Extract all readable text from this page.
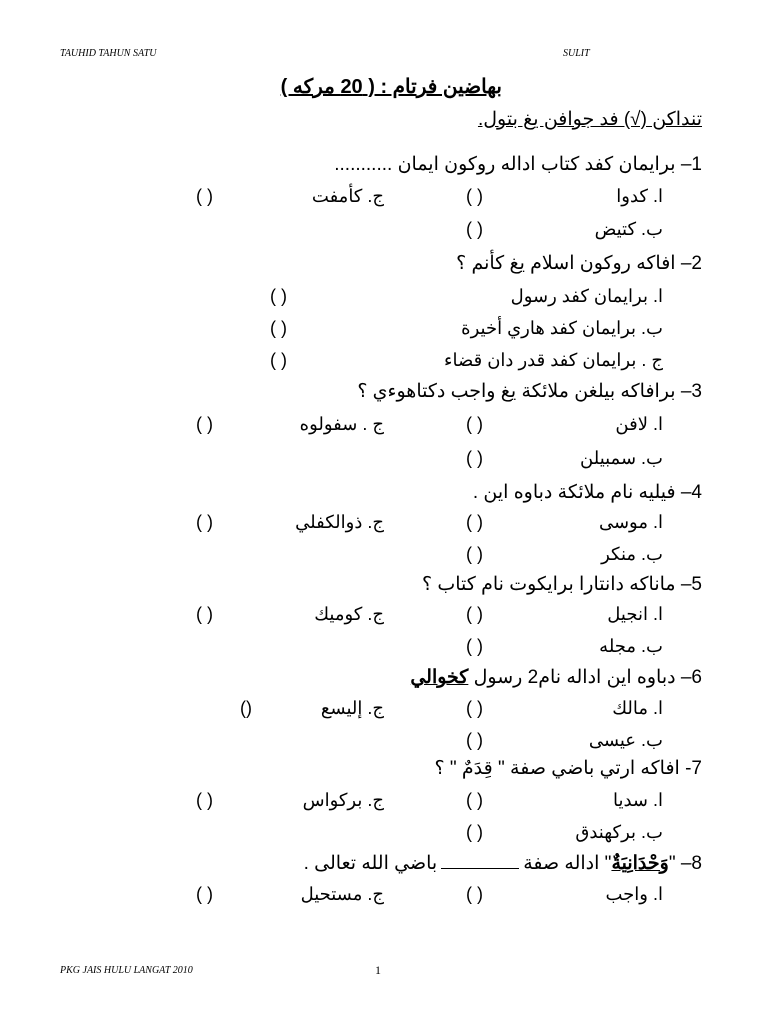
TAUHID TAHUN SATU	SULIT
بهاضين فرتام : ( 20 مركه )
تنداكن (√) فد جوافن يغ بتول.
1– برايمان كفد كتاب اداله روكون ايمان ...........
ا. كدوا
( )
ج. كأمفت
( )
ب. كتيض
( )
2– افاكه روكون اسلام يغ كأنم ؟
ا. برايمان كفد رسول
( )
ب. برايمان كفد هاري أخيرة
( )
ج . برايمان كفد قدر دان قضاء
( )
3– برافاكه بيلغن ملائكة يغ واجب دكتاهوءي ؟
ا. لافن
( )
ج . سفولوه
( )
ب. سمبيلن
( )
4– فيليه نام ملائكة دباوه اين .
ا. موسى
( )
ج. ذوالكفلي
( )
ب. منكر
( )
5– ماناكه دانتارا برايكوت نام كتاب ؟
ا. انجيل
( )
ج. كوميك
( )
ب. مجله
( )
6– دباوه اين اداله نام2 رسول كخوالي
ا. مالك
( )
ج. إليسع
()
ب. عيسى
( )
7- افاكه ارتي باضي صفة " قِدَمٌ " ؟
ا. سديا
( )
ج. بركواس
( )
ب. بركهندق
( )
8– "وَحْدَانِيَةٌ" اداله صفةباضي الله تعالى .
ا. واجب
( )
ج. مستحيل
( )
PKG JAIS HULU LANGAT 2010	1
